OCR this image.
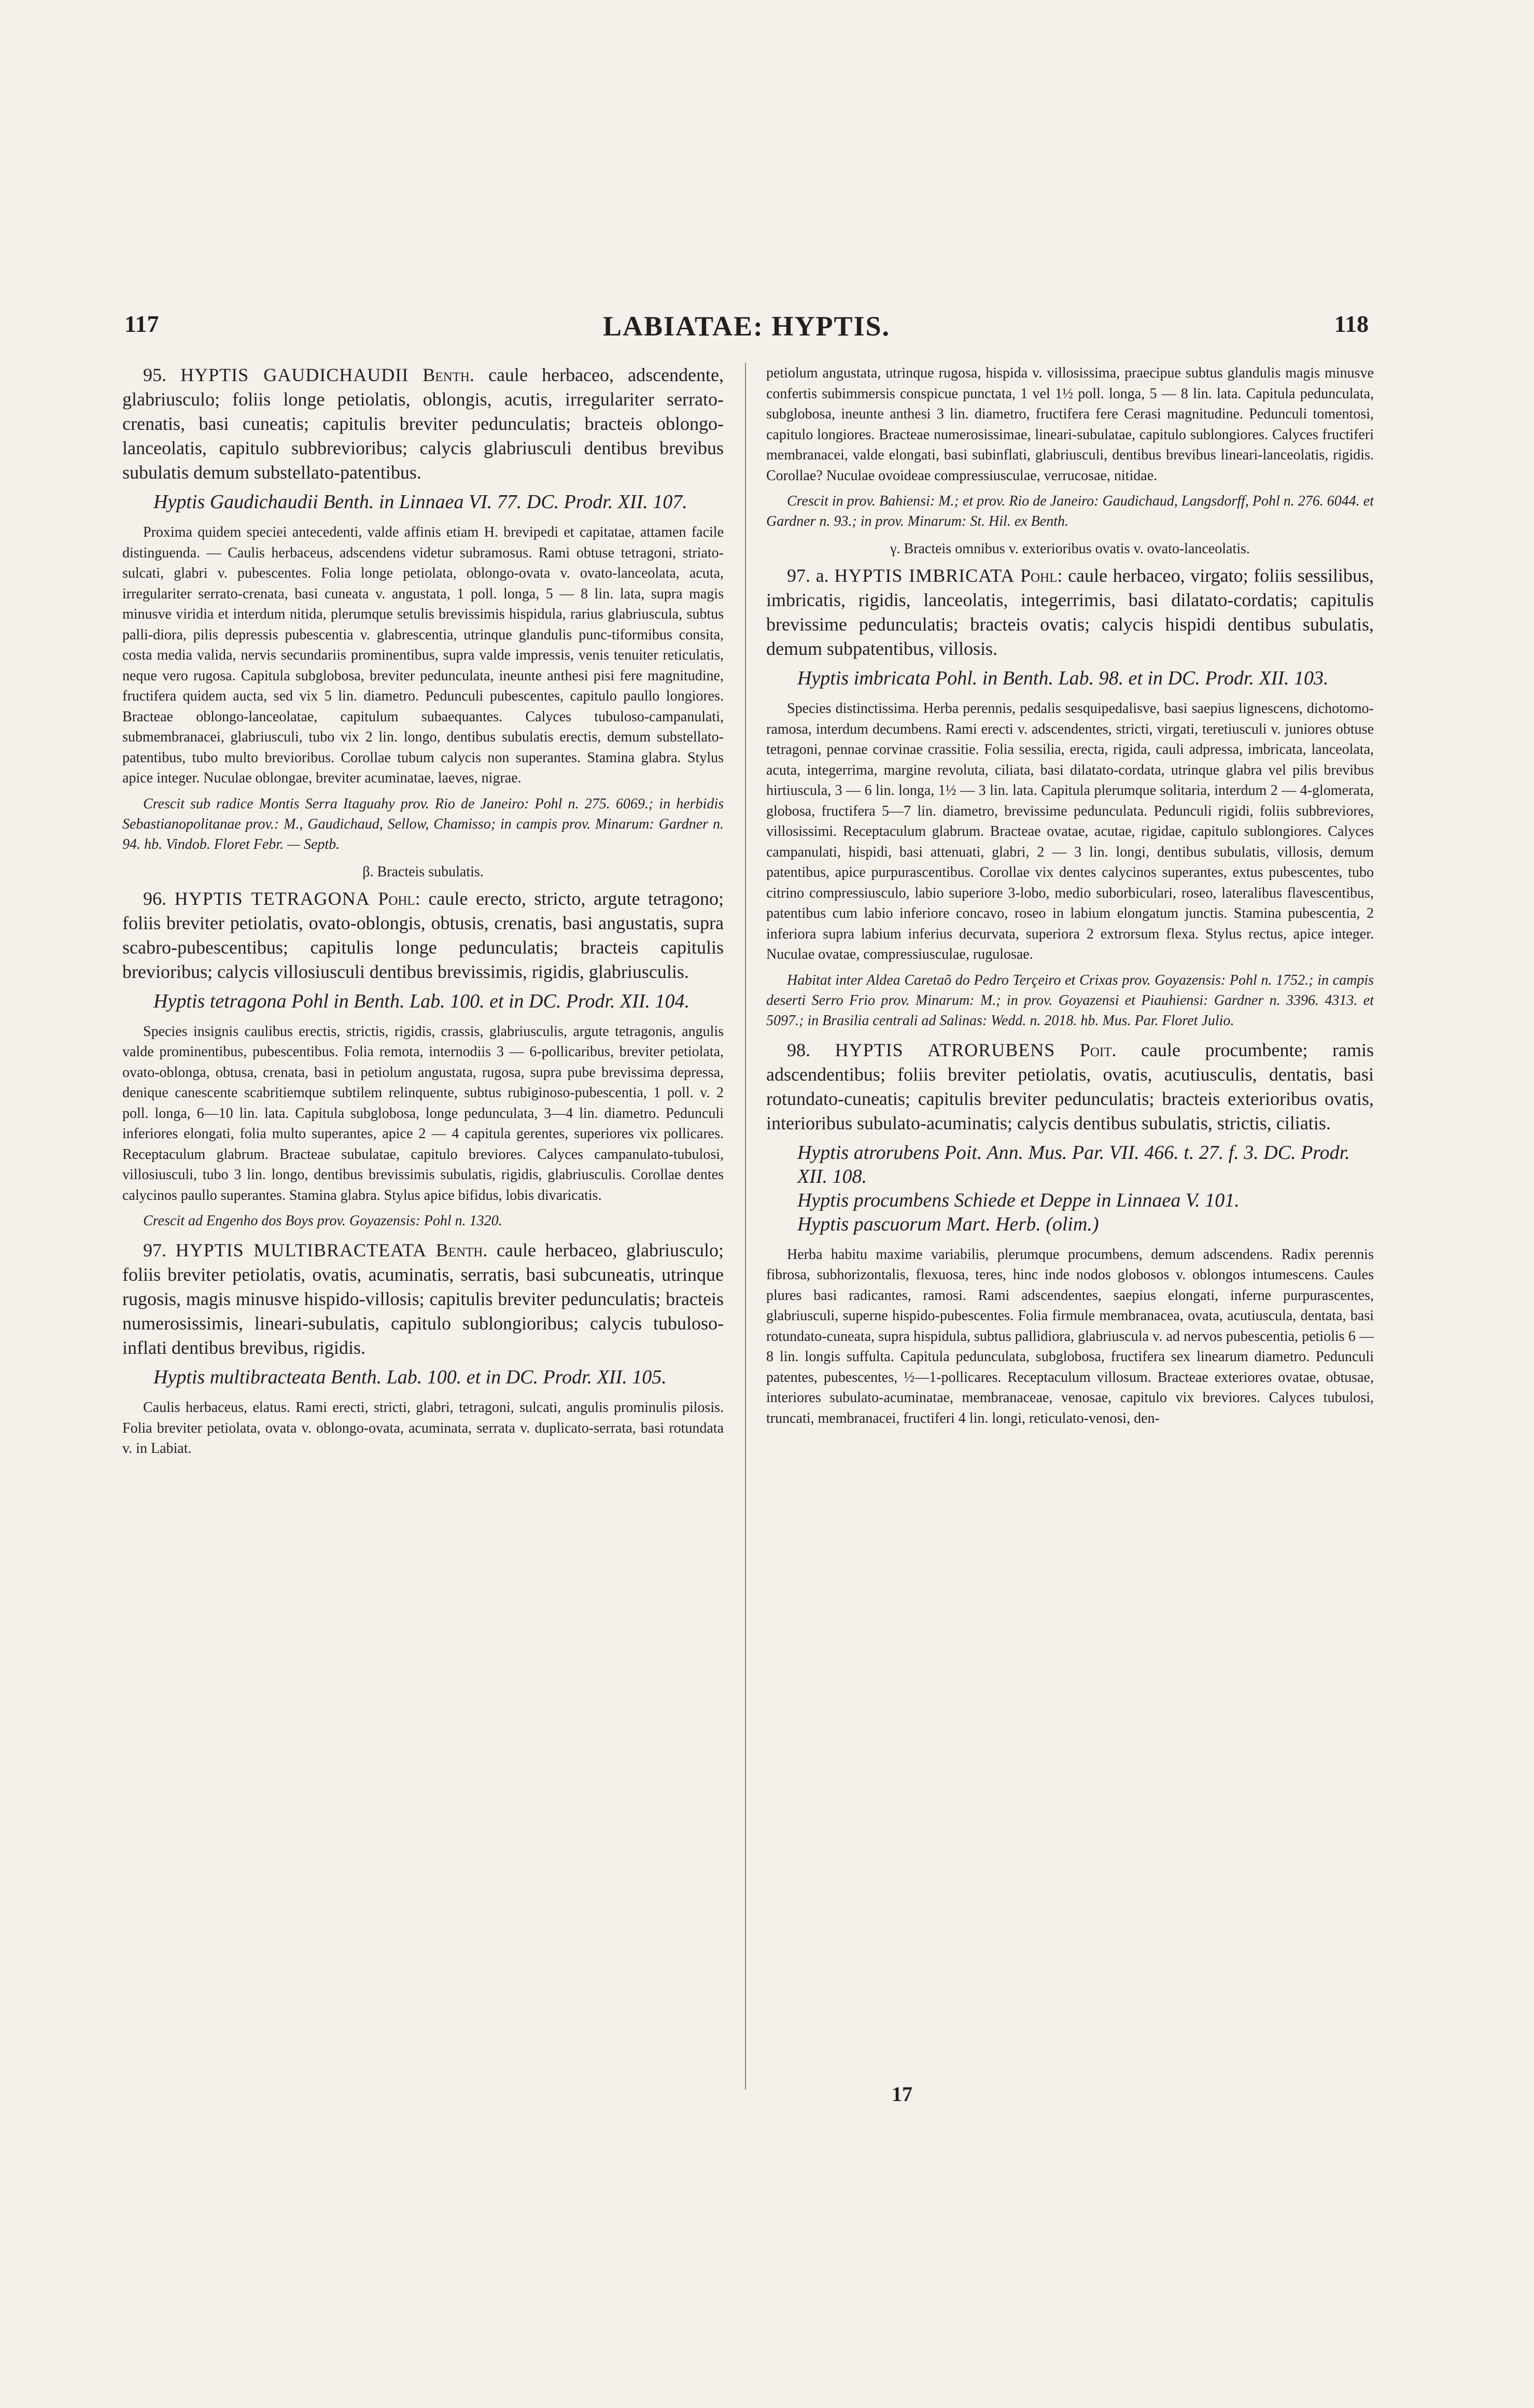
117	LABIATAE: HYPTIS.	118

95. HYPTIS GAUDICHAUDII Benth. caule herbaceo, adscendente, glabriusculo; foliis longe petiolatis, oblongis, acutis, irregulariter serrato-crenatis, basi cuneatis; capitulis breviter pedunculatis; bracteis oblongo-lanceolatis, capitulo subbrevioribus; calycis glabriusculi dentibus brevibus subulatis demum substellato-patentibus.

Hyptis Gaudichaudii Benth. in Linnaea VI. 77. DC. Prodr. XII. 107.

Proxima quidem speciei antecedenti, valde affinis etiam H. brevipedi et capitatae, attamen facile distinguenda. — Caulis herbaceus, adscendens videtur subramosus. Rami obtuse tetragoni, striato-sulcati, glabri v. pubescentes. Folia longe petiolata, oblongo-ovata v. ovato-lanceolata, acuta, irregulariter serrato-crenata, basi cuneata v. angustata, 1 poll. longa, 5 — 8 lin. lata, supra magis minusve viridia et interdum nitida, plerumque setulis brevissimis hispidula, rarius glabriuscula, subtus palli-diora, pilis depressis pubescentia v. glabrescentia, utrinque glandulis punc-tiformibus consita, costa media valida, nervis secundariis prominentibus, supra valde impressis, venis tenuiter reticulatis, neque vero rugosa. Capitula subglobosa, breviter pedunculata, ineunte anthesi pisi fere magnitudine, fructifera quidem aucta, sed vix 5 lin. diametro. Pedunculi pubescentes, capitulo paullo longiores. Bracteae oblongo-lanceolatae, capitulum subaequantes. Calyces tubuloso-campanulati, submembranacei, glabriusculi, tubo vix 2 lin. longo, dentibus subulatis erectis, demum substellato-patentibus, tubo multo brevioribus. Corollae tubum calycis non superantes. Stamina glabra. Stylus apice integer. Nuculae oblongae, breviter acuminatae, laeves, nigrae.

Crescit sub radice Montis Serra Itaguahy prov. Rio de Janeiro: Pohl n. 275. 6069.; in herbidis Sebastianopolitanae prov.: M., Gaudichaud, Sellow, Chamisso; in campis prov. Minarum: Gardner n. 94. hb. Vindob. Floret Febr. — Septb.

β. Bracteis subulatis.

96. HYPTIS TETRAGONA Pohl: caule erecto, stricto, argute tetragono; foliis breviter petiolatis, ovato-oblongis, obtusis, crenatis, basi angustatis, supra scabro-pubescentibus; capitulis longe pedunculatis; bracteis capitulis brevioribus; calycis villosiusculi dentibus brevissimis, rigidis, glabriusculis.

Hyptis tetragona Pohl in Benth. Lab. 100. et in DC. Prodr. XII. 104.

Species insignis caulibus erectis, strictis, rigidis, crassis, glabriusculis, argute tetragonis, angulis valde prominentibus, pubescentibus. Folia remota, internodiis 3 — 6-pollicaribus, breviter petiolata, ovato-oblonga, obtusa, crenata, basi in petiolum angustata, rugosa, supra pube brevissima depressa, denique canescente scabritiemque subtilem relinquente, subtus rubiginoso-pubescentia, 1 poll. v. 2 poll. longa, 6—10 lin. lata. Capitula subglobosa, longe pedunculata, 3—4 lin. diametro. Pedunculi inferiores elongati, folia multo superantes, apice 2 — 4 capitula gerentes, superiores vix pollicares. Receptaculum glabrum. Bracteae subulatae, capitulo breviores. Calyces campanulato-tubulosi, villosiusculi, tubo 3 lin. longo, dentibus brevissimis subulatis, rigidis, glabriusculis. Corollae dentes calycinos paullo superantes. Stamina glabra. Stylus apice bifidus, lobis divaricatis.

Crescit ad Engenho dos Boys prov. Goyazensis: Pohl n. 1320.

97. HYPTIS MULTIBRACTEATA Benth. caule herbaceo, glabriusculo; foliis breviter petiolatis, ovatis, acuminatis, serratis, basi subcuneatis, utrinque rugosis, magis minusve hispido-villosis; capitulis breviter pedunculatis; bracteis numerosissimis, lineari-subulatis, capitulo sublongioribus; calycis tubuloso-inflati dentibus brevibus, rigidis.

Hyptis multibracteata Benth. Lab. 100. et in DC. Prodr. XII. 105.

Caulis herbaceus, elatus. Rami erecti, stricti, glabri, tetragoni, sulcati, angulis prominulis pilosis. Folia breviter petiolata, ovata v. oblongo-ovata, acuminata, serrata v. duplicato-serrata, basi rotundata v. in Labiat.

petiolum angustata, utrinque rugosa, hispida v. villosissima, praecipue subtus glandulis magis minusve confertis subimmersis conspicue punctata, 1 vel 1½ poll. longa, 5 — 8 lin. lata. Capitula pedunculata, subglobosa, ineunte anthesi 3 lin. diametro, fructifera fere Cerasi magnitudine. Pedunculi tomentosi, capitulo longiores. Bracteae numerosissimae, lineari-subulatae, capitulo sublongiores. Calyces fructiferi membranacei, valde elongati, basi subinflati, glabriusculi, dentibus brevibus lineari-lanceolatis, rigidis. Corollae? Nuculae ovoideae compressiusculae, verrucosae, nitidae.

Crescit in prov. Bahiensi: M.; et prov. Rio de Janeiro: Gaudichaud, Langsdorff, Pohl n. 276. 6044. et Gardner n. 93.; in prov. Minarum: St. Hil. ex Benth.

γ. Bracteis omnibus v. exterioribus ovatis v. ovato-lanceolatis.

97. a. HYPTIS IMBRICATA Pohl: caule herbaceo, virgato; foliis sessilibus, imbricatis, rigidis, lanceolatis, integerrimis, basi dilatato-cordatis; capitulis brevissime pedunculatis; bracteis ovatis; calycis hispidi dentibus subulatis, demum subpatentibus, villosis.

Hyptis imbricata Pohl. in Benth. Lab. 98. et in DC. Prodr. XII. 103.

Species distinctissima. Herba perennis, pedalis sesquipedalisve, basi saepius lignescens, dichotomo-ramosa, interdum decumbens. Rami erecti v. adscendentes, stricti, virgati, teretiusculi v. juniores obtuse tetragoni, pennae corvinae crassitie. Folia sessilia, erecta, rigida, cauli adpressa, imbricata, lanceolata, acuta, integerrima, margine revoluta, ciliata, basi dilatato-cordata, utrinque glabra vel pilis brevibus hirtiuscula, 3 — 6 lin. longa, 1½ — 3 lin. lata. Capitula plerumque solitaria, interdum 2 — 4-glomerata, globosa, fructifera 5—7 lin. diametro, brevissime pedunculata. Pedunculi rigidi, foliis subbreviores, villosissimi. Receptaculum glabrum. Bracteae ovatae, acutae, rigidae, capitulo sublongiores. Calyces campanulati, hispidi, basi attenuati, glabri, 2 — 3 lin. longi, dentibus subulatis, villosis, demum patentibus, apice purpurascentibus. Corollae vix dentes calycinos superantes, extus pubescentes, tubo citrino compressiusculo, labio superiore 3-lobo, medio suborbiculari, roseo, lateralibus flavescentibus, patentibus cum labio inferiore concavo, roseo in labium elongatum junctis. Stamina pubescentia, 2 inferiora supra labium inferius decurvata, superiora 2 extrorsum flexa. Stylus rectus, apice integer. Nuculae ovatae, compressiusculae, rugulosae.

Habitat inter Aldea Caretaõ do Pedro Terçeiro et Crixas prov. Goyazensis: Pohl n. 1752.; in campis deserti Serro Frio prov. Minarum: M.; in prov. Goyazensi et Piauhiensi: Gardner n. 3396. 4313. et 5097.; in Brasilia centrali ad Salinas: Wedd. n. 2018. hb. Mus. Par. Floret Julio.

98. HYPTIS ATRORUBENS Poit. caule procumbente; ramis adscendentibus; foliis breviter petiolatis, ovatis, acutiusculis, dentatis, basi rotundato-cuneatis; capitulis breviter pedunculatis; bracteis exterioribus ovatis, interioribus subulato-acuminatis; calycis dentibus subulatis, strictis, ciliatis.

Hyptis atrorubens Poit. Ann. Mus. Par. VII. 466. t. 27. f. 3. DC. Prodr. XII. 108.

Hyptis procumbens Schiede et Deppe in Linnaea V. 101.

Hyptis pascuorum Mart. Herb. (olim.)

Herba habitu maxime variabilis, plerumque procumbens, demum adscendens. Radix perennis fibrosa, subhorizontalis, flexuosa, teres, hinc inde nodos globosos v. oblongos intumescens. Caules plures basi radicantes, ramosi. Rami adscendentes, saepius elongati, inferne purpurascentes, glabriusculi, superne hispido-pubescentes. Folia firmule membranacea, ovata, acutiuscula, dentata, basi rotundato-cuneata, supra hispidula, subtus pallidiora, glabriuscula v. ad nervos pubescentia, petiolis 6 — 8 lin. longis suffulta. Capitula pedunculata, subglobosa, fructifera sex linearum diametro. Pedunculi patentes, pubescentes, ½—1-pollicares. Receptaculum villosum. Bracteae exteriores ovatae, obtusae, interiores subulato-acuminatae, membranaceae, venosae, capitulo vix breviores. Calyces tubulosi, truncati, membranacei, fructiferi 4 lin. longi, reticulato-venosi, den-

17
